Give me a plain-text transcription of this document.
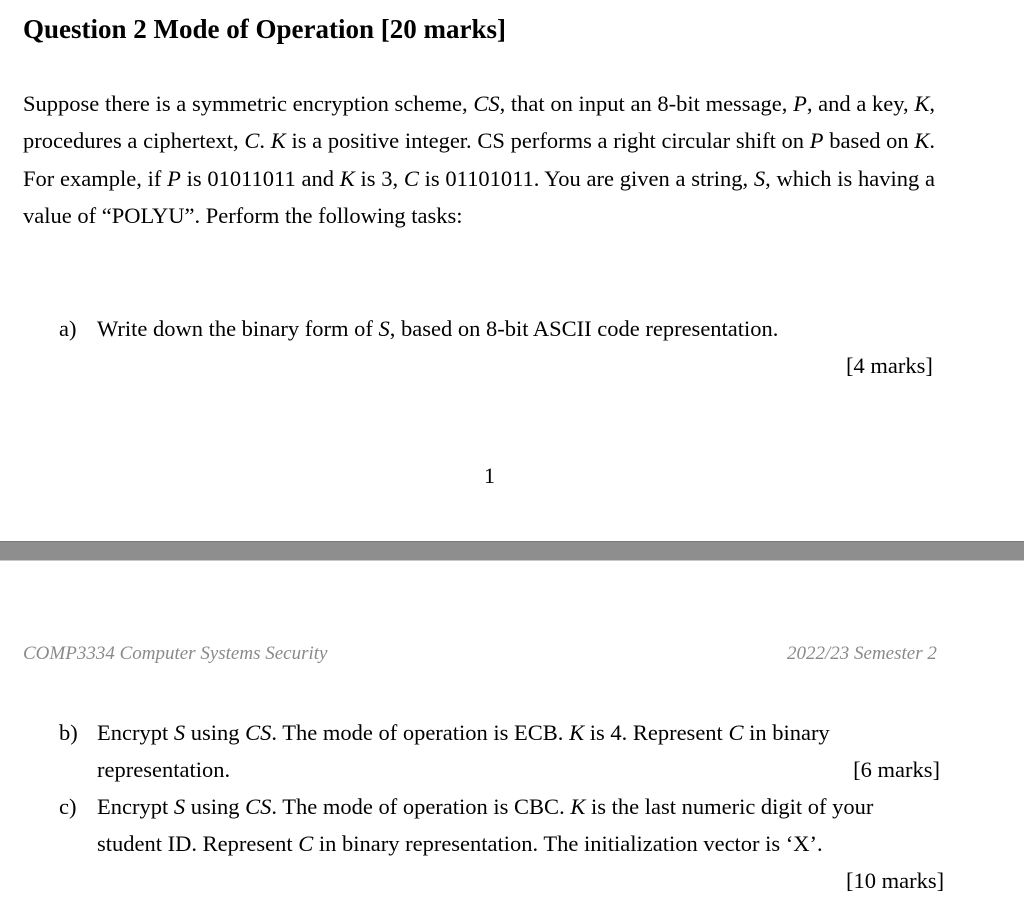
Question 2 Mode of Operation [20 marks]

Suppose there is a symmetric encryption scheme, CS, that on input an 8-bit message, P, and a key, K, procedures a ciphertext, C. K is a positive integer. CS performs a right circular shift on P based on K. For example, if P is 01011011 and K is 3, C is 01101011. You are given a string, S, which is having a value of “POLYU”. Perform the following tasks:

a) Write down the binary form of S, based on 8-bit ASCII code representation.
[4 marks]
1
COMP3334 Computer Systems Security	2022/23 Semester 2
b) Encrypt S using CS. The mode of operation is ECB. K is 4. Represent C in binary
representation.	[6 marks]
c) Encrypt S using CS. The mode of operation is CBC. K is the last numeric digit of your
student ID. Represent C in binary representation. The initialization vector is ‘X’.
[10 marks]
